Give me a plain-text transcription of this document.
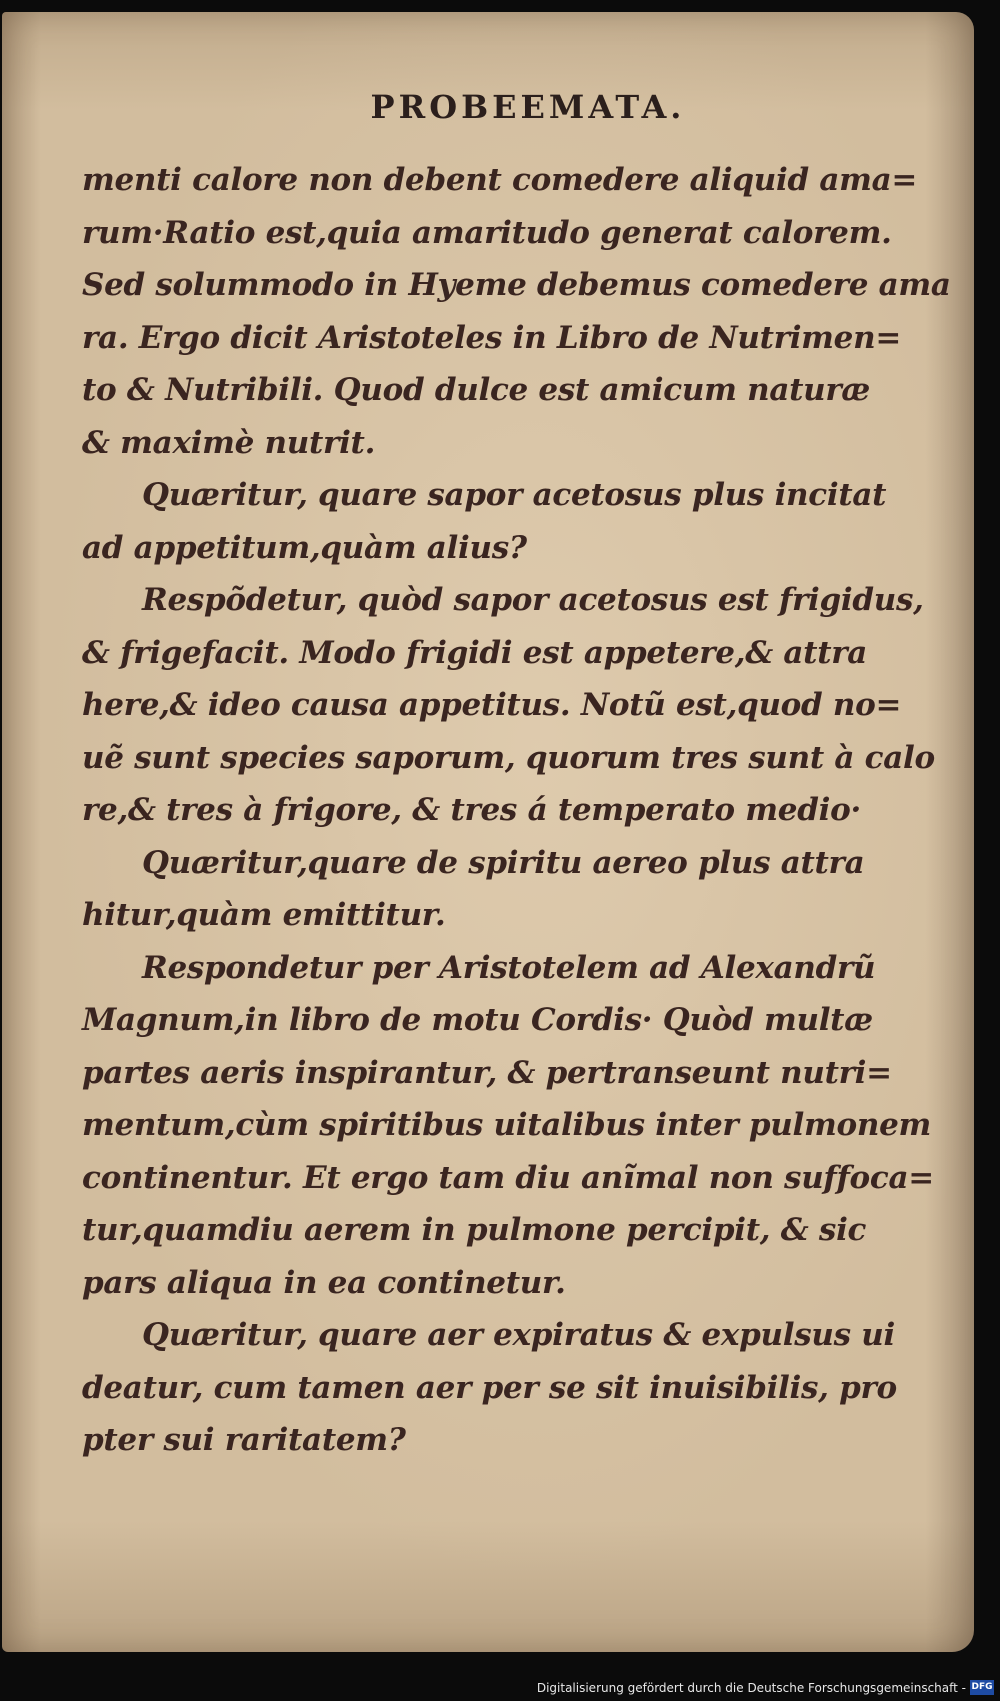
PROBEEMATA.
menti calore non debent comedere aliquid ama=
rum·Ratio est,quia amaritudo generat calorem.
Sed solummodo in Hyeme debemus comedere ama
ra. Ergo dicit Aristoteles in Libro de Nutrimen=
to & Nutribili. Quod dulce est amicum naturæ
& maximè nutrit.
Quæritur, quare sapor acetosus plus incitat
ad appetitum,quàm alius?
Respõdetur, quòd sapor acetosus est frigidus,
& frigefacit. Modo frigidi est appetere,& attra
here,& ideo causa appetitus. Notũ est,quod no=
uẽ sunt species saporum, quorum tres sunt à calo
re,& tres à frigore, & tres á temperato medio·
Quæritur,quare de spiritu aereo plus attra
hitur,quàm emittitur.
Respondetur per Aristotelem ad Alexandrũ
Magnum,in libro de motu Cordis· Quòd multæ
partes aeris inspirantur, & pertranseunt nutri=
mentum,cùm spiritibus uitalibus inter pulmonem
continentur. Et ergo tam diu anĩmal non suffoca=
tur,quamdiu aerem in pulmone percipit, & sic
pars aliqua in ea continetur.
Quæritur, quare aer expiratus & expulsus ui
deatur, cum tamen aer per se sit inuisibilis, pro
pter sui raritatem?
Digitalisierung gefördert durch die Deutsche Forschungsgemeinschaft - DFG
